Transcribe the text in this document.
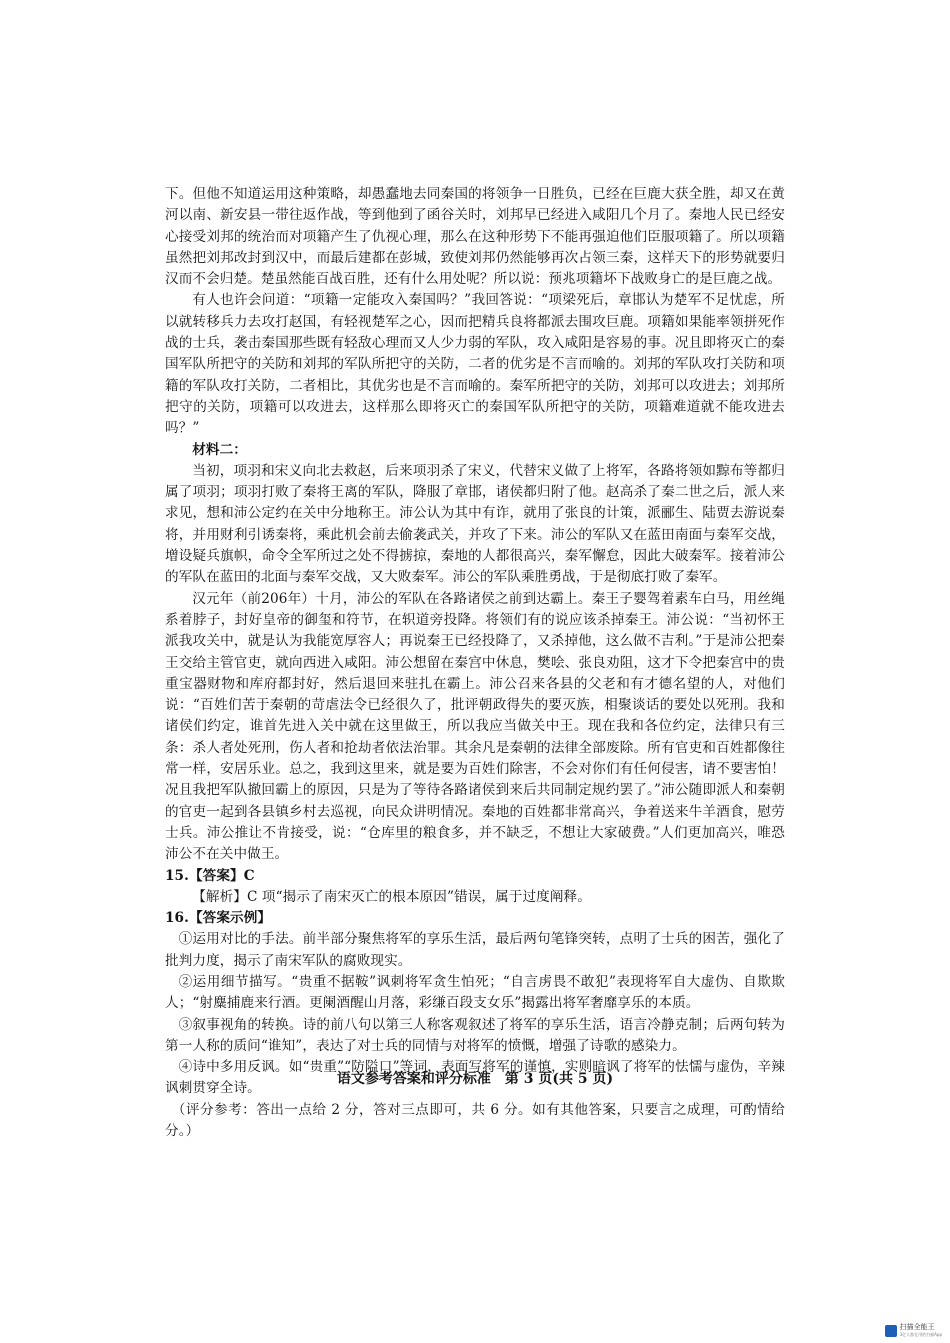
下。但他不知道运用这种策略，却愚蠢地去同秦国的将领争一日胜负，已经在巨鹿大获全胜，却又在黄河以南、新安县一带往返作战，等到他到了函谷关时，刘邦早已经进入咸阳几个月了。秦地人民已经安心接受刘邦的统治而对项籍产生了仇视心理，那么在这种形势下不能再强迫他们臣服项籍了。所以项籍虽然把刘邦改封到汉中，而最后建都在彭城，致使刘邦仍然能够再次占领三秦，这样天下的形势就要归汉而不会归楚。楚虽然能百战百胜，还有什么用处呢？所以说：预兆项籍坏下战败身亡的是巨鹿之战。

有人也许会问道：“项籍一定能攻入秦国吗？”我回答说：“项梁死后，章邯认为楚军不足忧虑，所以就转移兵力去攻打赵国，有轻视楚军之心，因而把精兵良将都派去围攻巨鹿。项籍如果能率领拼死作战的士兵，袭击秦国那些既有轻敌心理而又人少力弱的军队，攻入咸阳是容易的事。况且即将灭亡的秦国军队所把守的关防和刘邦的军队所把守的关防，二者的优劣是不言而喻的。刘邦的军队攻打关防和项籍的军队攻打关防，二者相比，其优劣也是不言而喻的。秦军所把守的关防，刘邦可以攻进去；刘邦所把守的关防，项籍可以攻进去，这样那么即将灭亡的秦国军队所把守的关防，项籍难道就不能攻进去吗？”

材料二：

当初，项羽和宋义向北去救赵，后来项羽杀了宋义，代替宋义做了上将军，各路将领如黥布等都归属了项羽；项羽打败了秦将王离的军队，降服了章邯，诸侯都归附了他。赵高杀了秦二世之后，派人来求见，想和沛公定约在关中分地称王。沛公认为其中有诈，就用了张良的计策，派郦生、陆贾去游说秦将，并用财利引诱秦将，乘此机会前去偷袭武关，并攻了下来。沛公的军队又在蓝田南面与秦军交战，增设疑兵旗帜，命令全军所过之处不得掳掠，秦地的人都很高兴，秦军懈怠，因此大破秦军。接着沛公的军队在蓝田的北面与秦军交战，又大败秦军。沛公的军队乘胜勇战，于是彻底打败了秦军。

汉元年（前206年）十月，沛公的军队在各路诸侯之前到达霸上。秦王子婴驾着素车白马，用丝绳系着脖子，封好皇帝的御玺和符节，在轵道旁投降。将领们有的说应该杀掉秦王。沛公说：“当初怀王派我攻关中，就是认为我能宽厚容人；再说秦王已经投降了，又杀掉他，这么做不吉利。”于是沛公把秦王交给主管官吏，就向西进入咸阳。沛公想留在秦宫中休息，樊哙、张良劝阻，这才下令把秦宫中的贵重宝器财物和库府都封好，然后退回来驻扎在霸上。沛公召来各县的父老和有才德名望的人，对他们说：“百姓们苦于秦朝的苛虐法令已经很久了，批评朝政得失的要灭族，相聚谈话的要处以死刑。我和诸侯们约定，谁首先进入关中就在这里做王，所以我应当做关中王。现在我和各位约定，法律只有三条：杀人者处死刑，伤人者和抢劫者依法治罪。其余凡是秦朝的法律全部废除。所有官吏和百姓都像往常一样，安居乐业。总之，我到这里来，就是要为百姓们除害，不会对你们有任何侵害，请不要害怕！况且我把军队撤回霸上的原因，只是为了等待各路诸侯到来后共同制定规约罢了。”沛公随即派人和秦朝的官吏一起到各县镇乡村去巡视，向民众讲明情况。秦地的百姓都非常高兴，争着送来牛羊酒食，慰劳士兵。沛公推让不肯接受，说：“仓库里的粮食多，并不缺乏，不想让大家破费。”人们更加高兴，唯恐沛公不在关中做王。

15.【答案】C

【解析】C 项“揭示了南宋灭亡的根本原因”错误，属于过度阐释。

16.【答案示例】

①运用对比的手法。前半部分聚焦将军的享乐生活，最后两句笔锋突转，点明了士兵的困苦，强化了批判力度，揭示了南宋军队的腐败现实。

②运用细节描写。“贵重不据鞍”讽刺将军贪生怕死；“自言虏畏不敢犯”表现将军自大虚伪、自欺欺人；“射麋捕鹿来行酒。更阑酒醒山月落，彩缣百段支女乐”揭露出将军奢靡享乐的本质。

③叙事视角的转换。诗的前八句以第三人称客观叙述了将军的享乐生活，语言冷静克制；后两句转为第一人称的质问“谁知”，表达了对士兵的同情与对将军的愤慨，增强了诗歌的感染力。

④诗中多用反讽。如“贵重”“防隘口”等词，表面写将军的谨慎，实则暗讽了将军的怯懦与虚伪，辛辣讽刺贯穿全诗。

（评分参考：答出一点给 2 分，答对三点即可，共 6 分。如有其他答案，只要言之成理，可酌情给分。）

语文参考答案和评分标准　第 3 页(共 5 页)
扫描全能王
3亿人都在用的扫描App
